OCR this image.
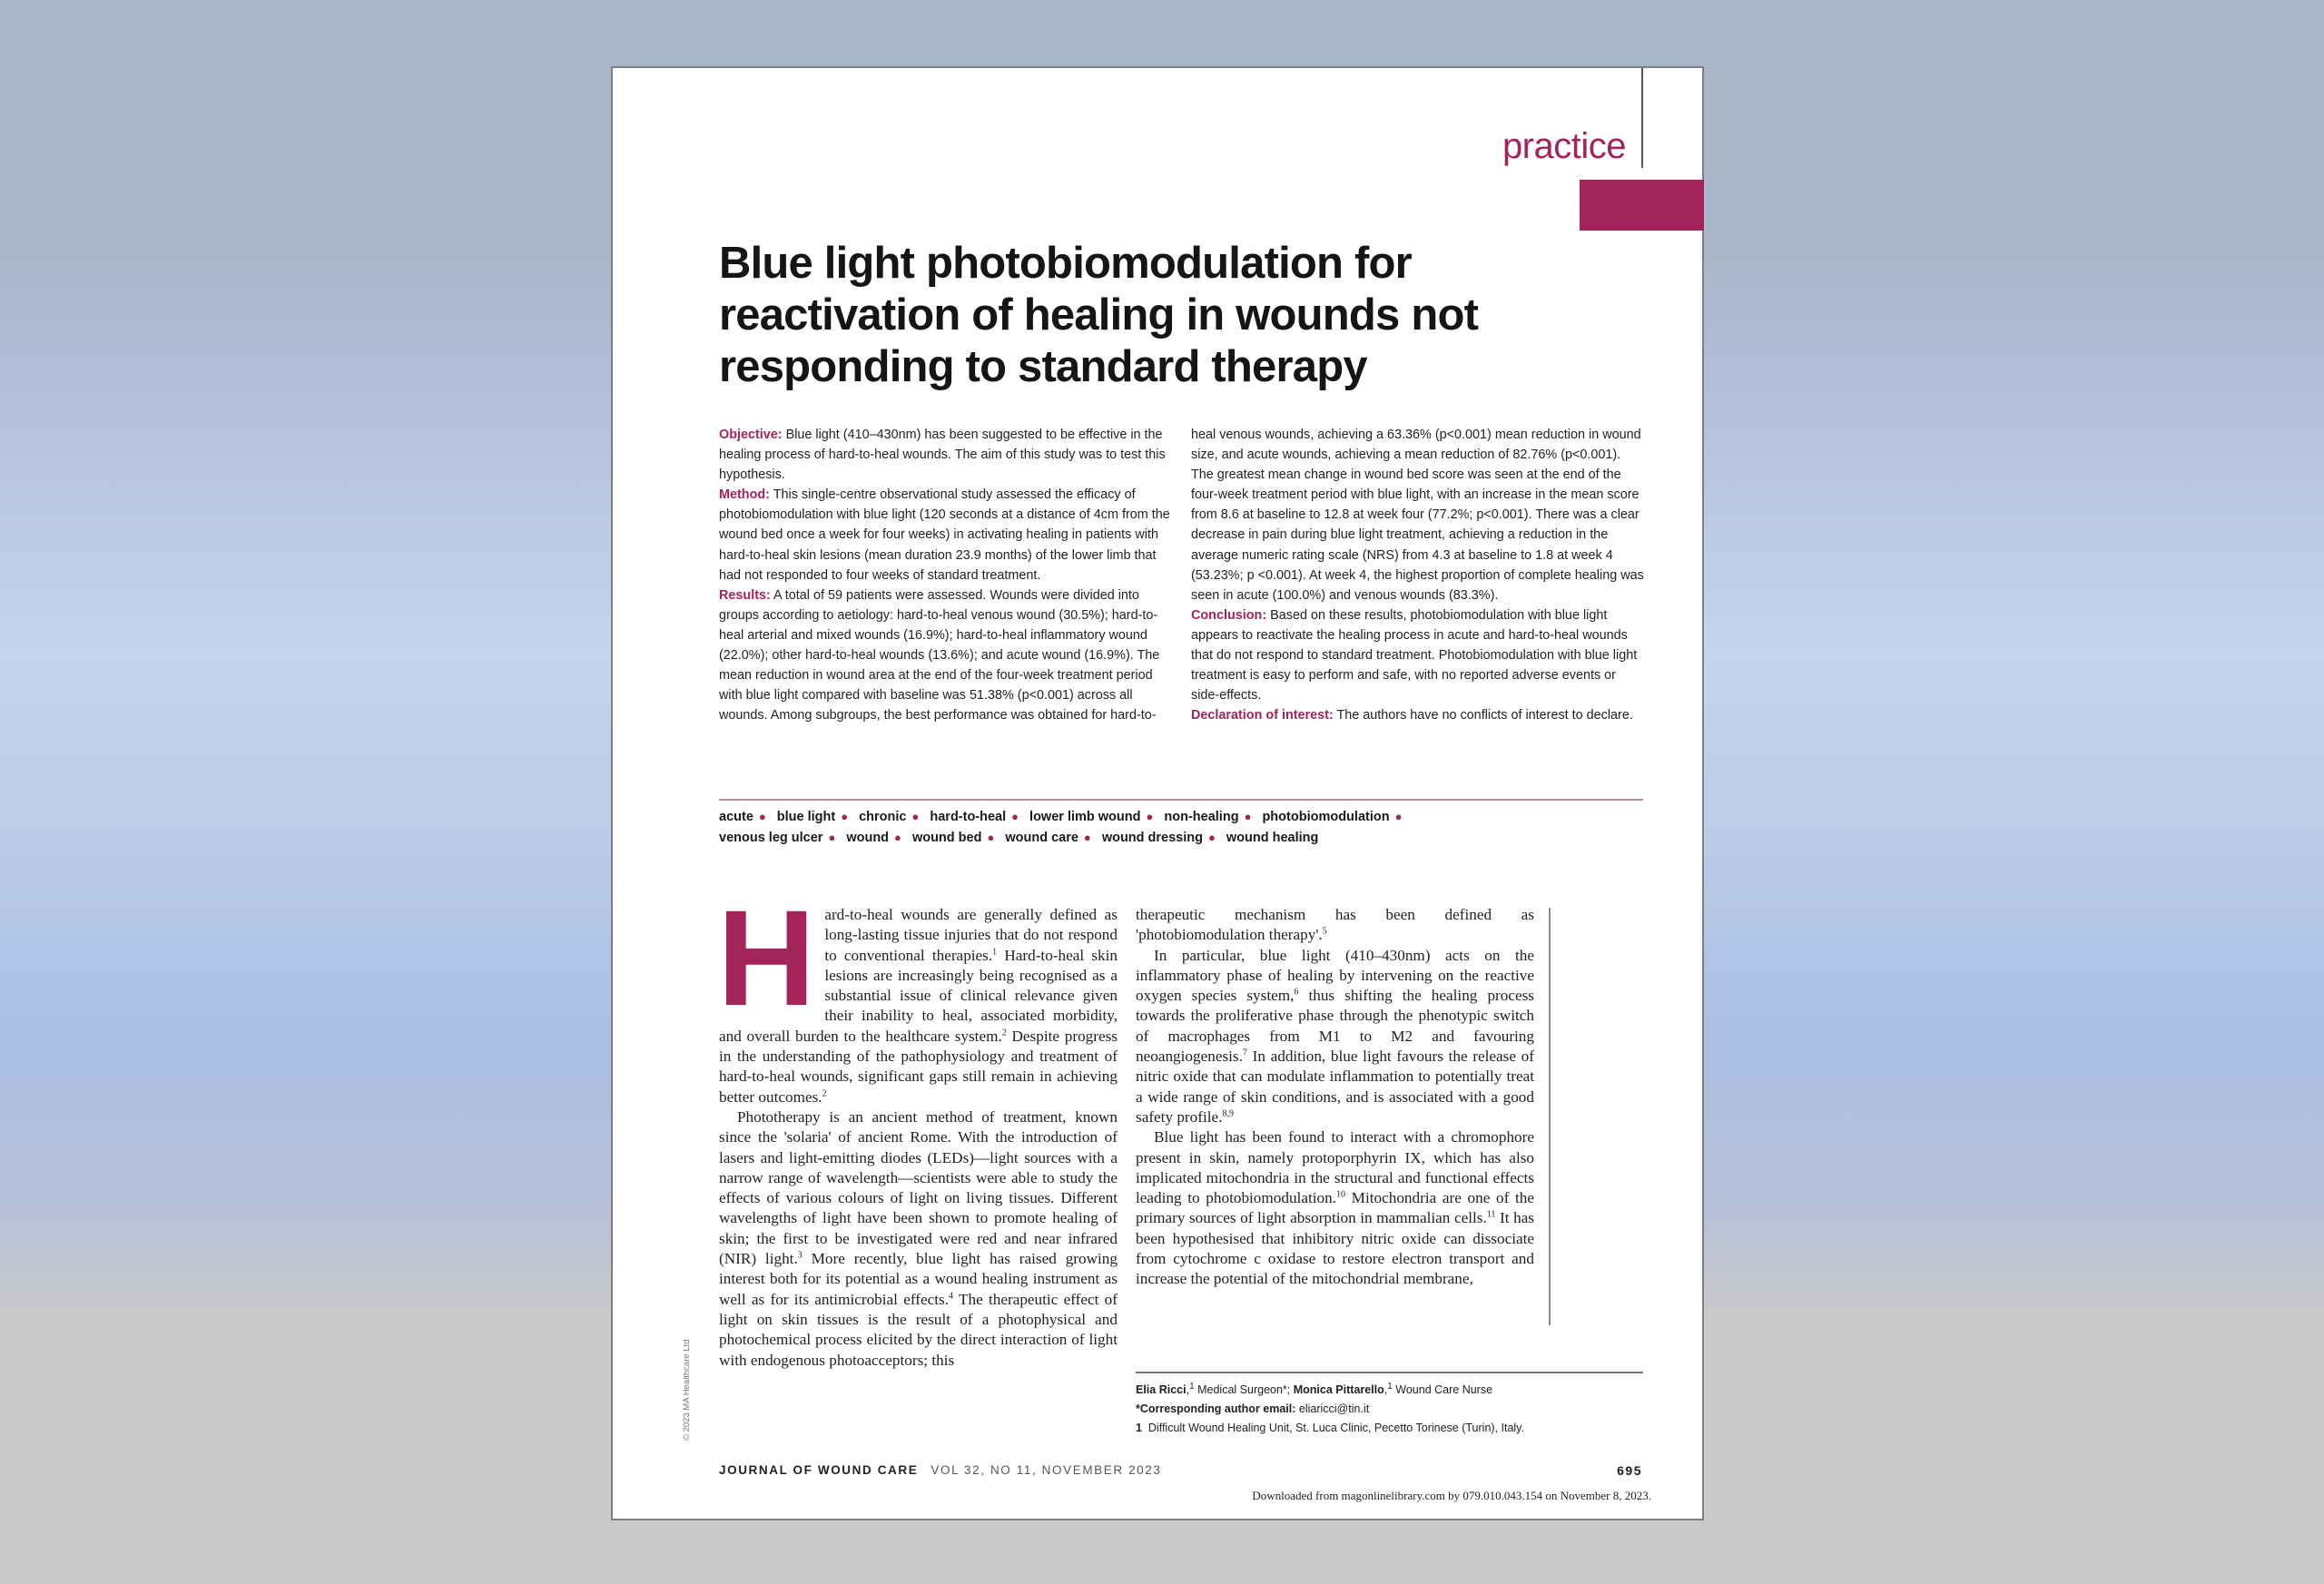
practice
Blue light photobiomodulation for reactivation of healing in wounds not responding to standard therapy

Objective: Blue light (410–430nm) has been suggested to be effective in the healing process of hard-to-heal wounds. The aim of this study was to test this hypothesis.

Method: This single-centre observational study assessed the efficacy of photobiomodulation with blue light (120 seconds at a distance of 4cm from the wound bed once a week for four weeks) in activating healing in patients with hard-to-heal skin lesions (mean duration 23.9 months) of the lower limb that had not responded to four weeks of standard treatment.

Results: A total of 59 patients were assessed. Wounds were divided into groups according to aetiology: hard-to-heal venous wound (30.5%); hard-to-heal arterial and mixed wounds (16.9%); hard-to-heal inflammatory wound (22.0%); other hard-to-heal wounds (13.6%); and acute wound (16.9%). The mean reduction in wound area at the end of the four-week treatment period with blue light compared with baseline was 51.38% (p<0.001) across all wounds. Among subgroups, the best performance was obtained for hard-to-

heal venous wounds, achieving a 63.36% (p<0.001) mean reduction in wound size, and acute wounds, achieving a mean reduction of 82.76% (p<0.001). The greatest mean change in wound bed score was seen at the end of the four-week treatment period with blue light, with an increase in the mean score from 8.6 at baseline to 12.8 at week four (77.2%; p<0.001). There was a clear decrease in pain during blue light treatment, achieving a reduction in the average numeric rating scale (NRS) from 4.3 at baseline to 1.8 at week 4 (53.23%; p <0.001). At week 4, the highest proportion of complete healing was seen in acute (100.0%) and venous wounds (83.3%).

Conclusion: Based on these results, photobiomodulation with blue light appears to reactivate the healing process in acute and hard-to-heal wounds that do not respond to standard treatment. Photobiomodulation with blue light treatment is easy to perform and safe, with no reported adverse events or side-effects.

Declaration of interest: The authors have no conflicts of interest to declare.

acute ● blue light ● chronic ● hard-to-heal ● lower limb wound ● non-healing ● photobiomodulation ●
venous leg ulcer ● wound ● wound bed ● wound care ● wound dressing ● wound healing

Hard-to-heal wounds are generally defined as long-lasting tissue injuries that do not respond to conventional therapies.$^1$ Hard-to-heal skin lesions are increasingly being recognised as a substantial issue of clinical relevance given their inability to heal, associated morbidity, and overall burden to the healthcare system.$^2$ Despite progress in the understanding of the pathophysiology and treatment of hard-to-heal wounds, significant gaps still remain in achieving better outcomes.$^2$

Phototherapy is an ancient method of treatment, known since the 'solaria' of ancient Rome. With the introduction of lasers and light-emitting diodes (LEDs)—light sources with a narrow range of wavelength—scientists were able to study the effects of various colours of light on living tissues. Different wavelengths of light have been shown to promote healing of skin; the first to be investigated were red and near infrared (NIR) light.$^3$ More recently, blue light has raised growing interest both for its potential as a wound healing instrument as well as for its antimicrobial effects.$^4$ The therapeutic effect of light on skin tissues is the result of a photophysical and photochemical process elicited by the direct interaction of light with endogenous photoacceptors; this

therapeutic mechanism has been defined as 'photobiomodulation therapy'.$^5$

In particular, blue light (410–430nm) acts on the inflammatory phase of healing by intervening on the reactive oxygen species system,$^6$ thus shifting the healing process towards the proliferative phase through the phenotypic switch of macrophages from M1 to M2 and favouring neoangiogenesis.$^7$ In addition, blue light favours the release of nitric oxide that can modulate inflammation to potentially treat a wide range of skin conditions, and is associated with a good safety profile.$^{8,9}$

Blue light has been found to interact with a chromophore present in skin, namely protoporphyrin IX, which has also implicated mitochondria in the structural and functional effects leading to photobiomodulation.$^{10}$ Mitochondria are one of the primary sources of light absorption in mammalian cells.$^{11}$ It has been hypothesised that inhibitory nitric oxide can dissociate from cytochrome c oxidase to restore electron transport and increase the potential of the mitochondrial membrane,

© 2023 MA Healthcare Ltd	Elia Ricci,$^1$ Medical Surgeon*; Monica Pittarello,$^1$ Wound Care Nurse
*Corresponding author email: eliaricci@tin.it
1 Difficult Wound Healing Unit, St. Luca Clinic, Pecetto Torinese (Turin), Italy.
JOURNAL OF WOUND CARE VOL 32, NO 11, NOVEMBER 2023	695
Downloaded from magonlinelibrary.com by 079.010.043.154 on November 8, 2023.
